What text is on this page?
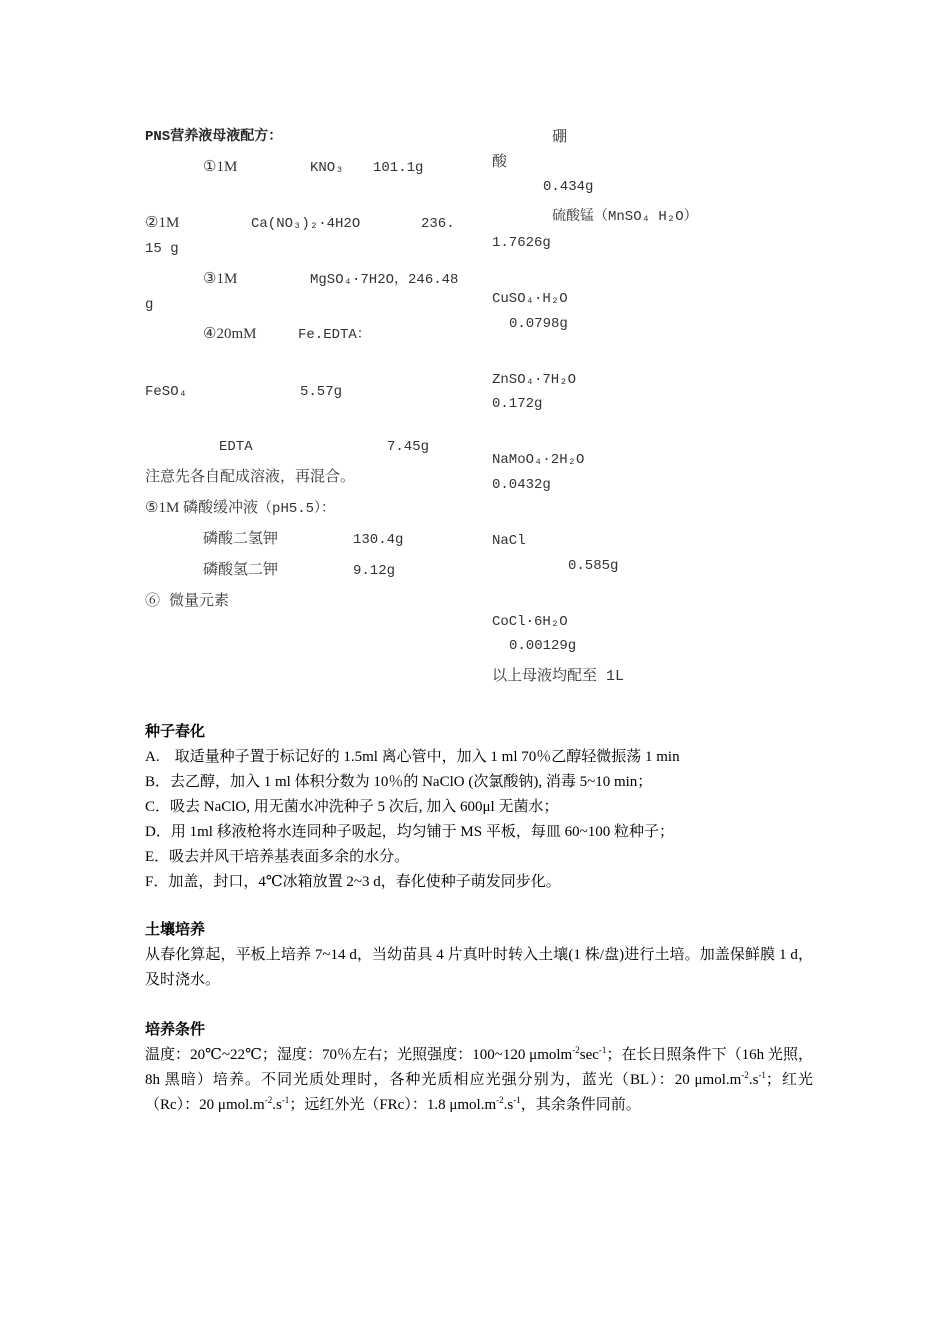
PNS营养液母液配方：
①1M	KNO₃ 101.1g
②1M	Ca(NO₃)₂·4H2O	236.
15 g
③1M	MgSO₄·7H2O，246.48
g
④20mM	Fe.EDTA：
FeSO₄	5.57g
EDTA	7.45g
注意先各自配成溶液，再混合。
⑤1M 磷酸缓冲液（pH5.5）：
磷酸二氢钾	130.4g
磷酸氢二钾	9.12g
⑥ 微量元素
硼
酸
0.434g
硫酸锰（MnSO₄ H₂O）
1.7626g
CuSO₄·H₂O
0.0798g
ZnSO₄·7H₂O
0.172g
NaMoO₄·2H₂O
0.0432g
NaCl
0.585g
CoCl·6H₂O
0.00129g
以上母液均配至 1L

种子春化

A.　取适量种子置于标记好的 1.5ml 离心管中，加入 1 ml 70％乙醇轻微振荡 1 min

B．去乙醇，加入 1 ml 体积分数为 10％的 NaClO (次氯酸钠), 消毒 5~10 min；

C．吸去 NaClO, 用无菌水冲洗种子 5 次后, 加入 600μl 无菌水；

D．用 1ml 移液枪将水连同种子吸起，均匀铺于 MS 平板，每皿 60~100 粒种子；

E．吸去并风干培养基表面多余的水分。

F．加盖，封口，4℃冰箱放置 2~3 d，春化使种子萌发同步化。

土壤培养

从春化算起，平板上培养 7~14 d，当幼苗具 4 片真叶时转入土壤(1 株/盘)进行土培。加盖保鲜膜 1 d，及时浇水。

培养条件

温度：20℃~22℃；湿度：70％左右；光照强度：100~120 $\mu molm^{-2}\sec^{-1}$；在长日照条件下（16h 光照，8h 黑暗）培养。不同光质处理时，各种光质相应光强分别为，蓝光（BL）：20 $\mu mol.m^{-2}.s^{-1}$；红光（Rc）：20 $\mu mol.m^{-2}.s^{-1}$；远红外光（FRc）：1.8 $\mu mol.m^{-2}.s^{-1}$，其余条件同前。
